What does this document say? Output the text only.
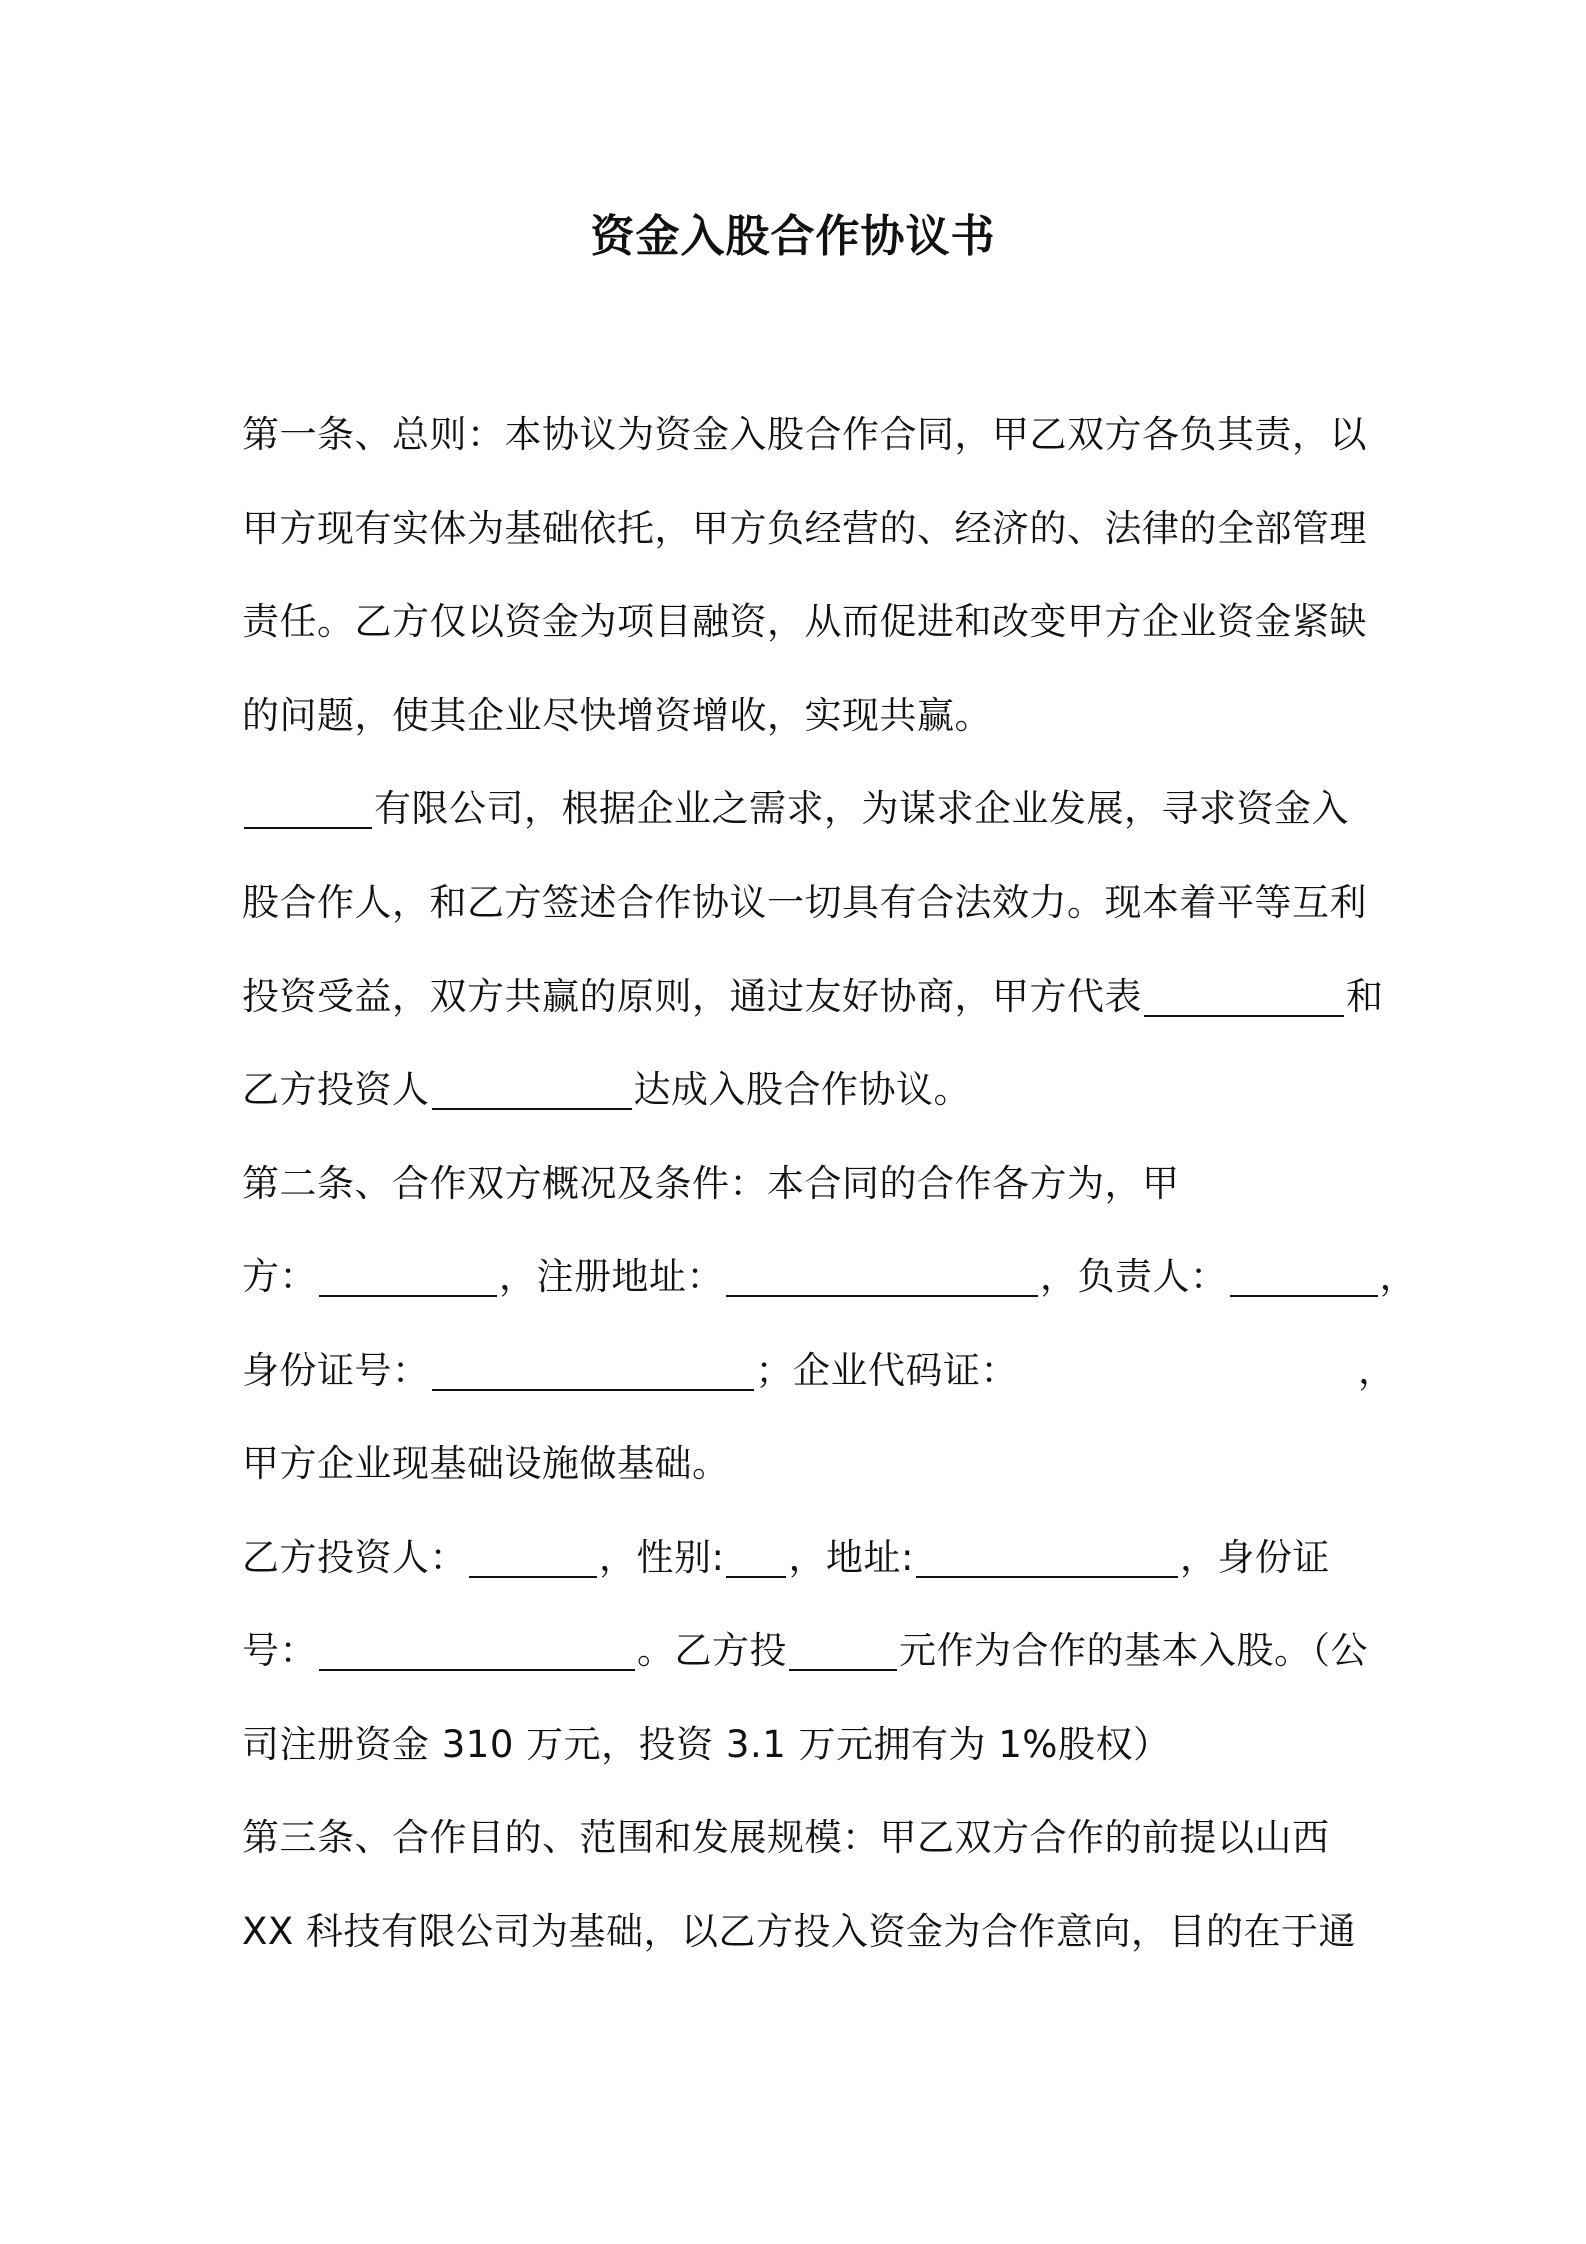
资金入股合作协议书
第一条、总则：本协议为资金入股合作合同，甲乙双方各负其责，以
甲方现有实体为基础依托，甲方负经营的、经济的、法律的全部管理
责任。乙方仅以资金为项目融资，从而促进和改变甲方企业资金紧缺
的问题，使其企业尽快增资增收，实现共赢。
有限公司，根据企业之需求，为谋求企业发展，寻求资金入
股合作人，和乙方签述合作协议一切具有合法效力。现本着平等互利
投资受益，双方共赢的原则，通过友好协商，甲方代表	和
乙方投资人	达成入股合作协议。
第二条、合作双方概况及条件：本合同的合作各方为，甲
方：	，注册地址：	，负责人：	，
身份证号：	；企业代码证：	，
甲方企业现基础设施做基础。
乙方投资人：	，性别: ，地址:	，身份证
号：	。乙方投	元作为合作的基本入股。（公
司注册资金 310 万元，投资 3.1 万元拥有为 1%股权）
第三条、合作目的、范围和发展规模：甲乙双方合作的前提以山西
XX 科技有限公司为基础，以乙方投入资金为合作意向，目的在于通
